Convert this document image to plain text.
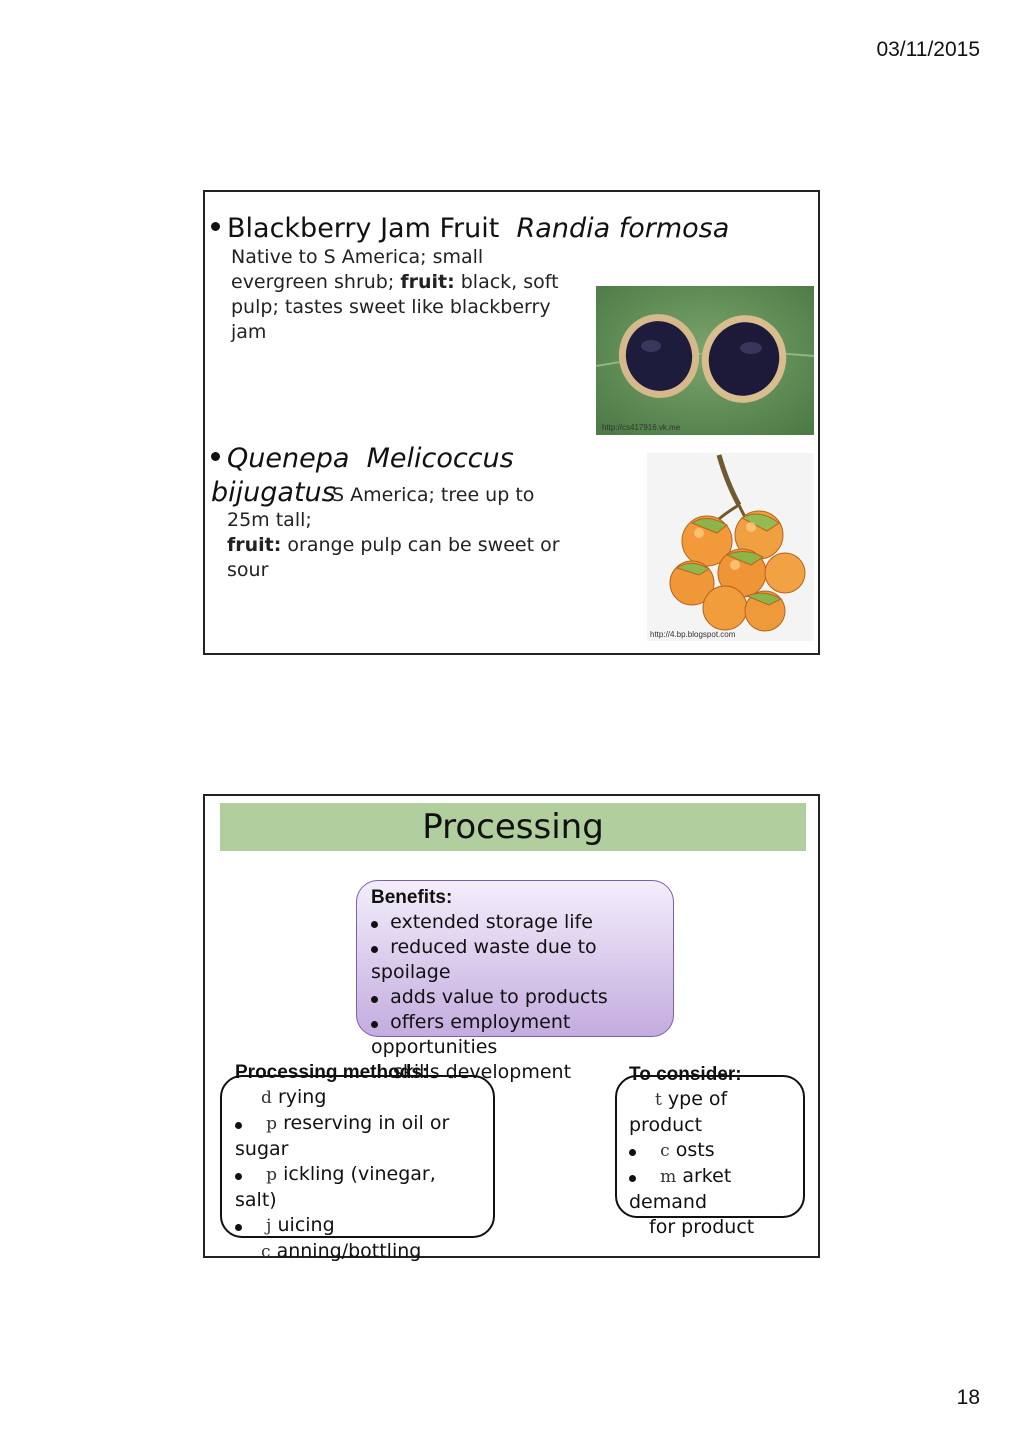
03/11/2015
Blackberry Jam Fruit Randia formosa
Native to S America; small
evergreen shrub; fruit: black, soft
pulp; tastes sweet like blackberry
jam
http://cs417916.vk.me
Quenepa Melicoccus
S America; tree up to
25m tall;
fruit: orange pulp can be sweet or
sour
bijugatus
http://4.bp.blogspot.com
Processing
Benefits:
extended storage life
reduced waste due to
spoilage
adds value to products
offers employment
opportunities
skills development
Processing methods:
d rying
p reserving in oil or
sugar
p ickling (vinegar,
salt)
j uicing
c anning/bottling
To consider:
t ype of
product
c osts
m arket
demand
for product
18
